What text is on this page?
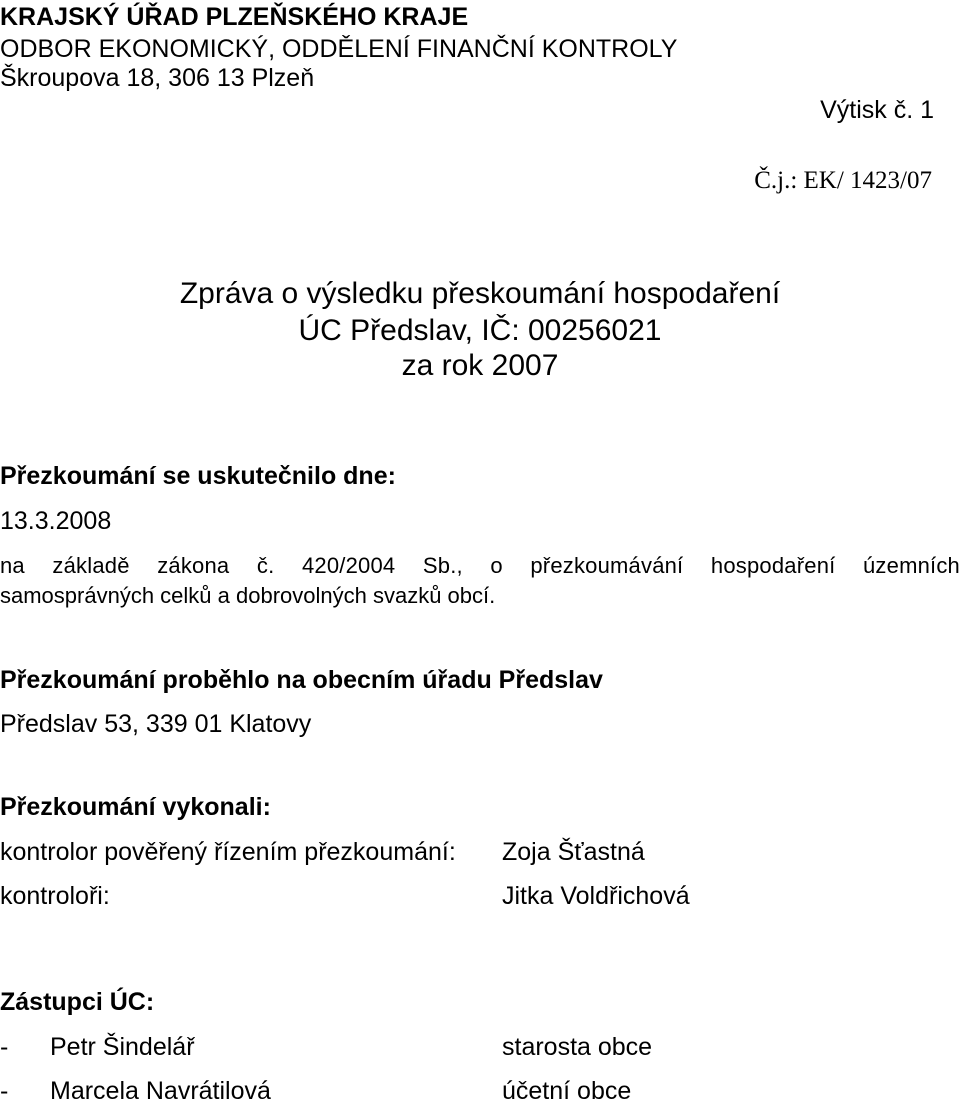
KRAJSKÝ ÚŘAD PLZEŇSKÉHO KRAJE
ODBOR EKONOMICKÝ, ODDĚLENÍ FINANČNÍ KONTROLY
Škroupova 18, 306 13 Plzeň
Výtisk č. 1
Č.j.: EK/ 1423/07
Zpráva o výsledku přeskoumání hospodaření
ÚC Předslav, IČ: 00256021
za rok 2007
Přezkoumání se uskutečnilo dne:
13.3.2008
na základě zákona č. 420/2004 Sb., o přezkoumávání hospodaření územních
samosprávných celků a dobrovolných svazků obcí.
Přezkoumání proběhlo na obecním úřadu Předslav
Předslav 53, 339 01 Klatovy
Přezkoumání vykonali:
kontrolor pověřený řízením přezkoumání: Zoja Šťastná
kontroloři:	Jitka Voldřichová
Zástupci ÚC:
- Petr Šindelář	starosta obce
- Marcela Navrátilová	účetní obce
